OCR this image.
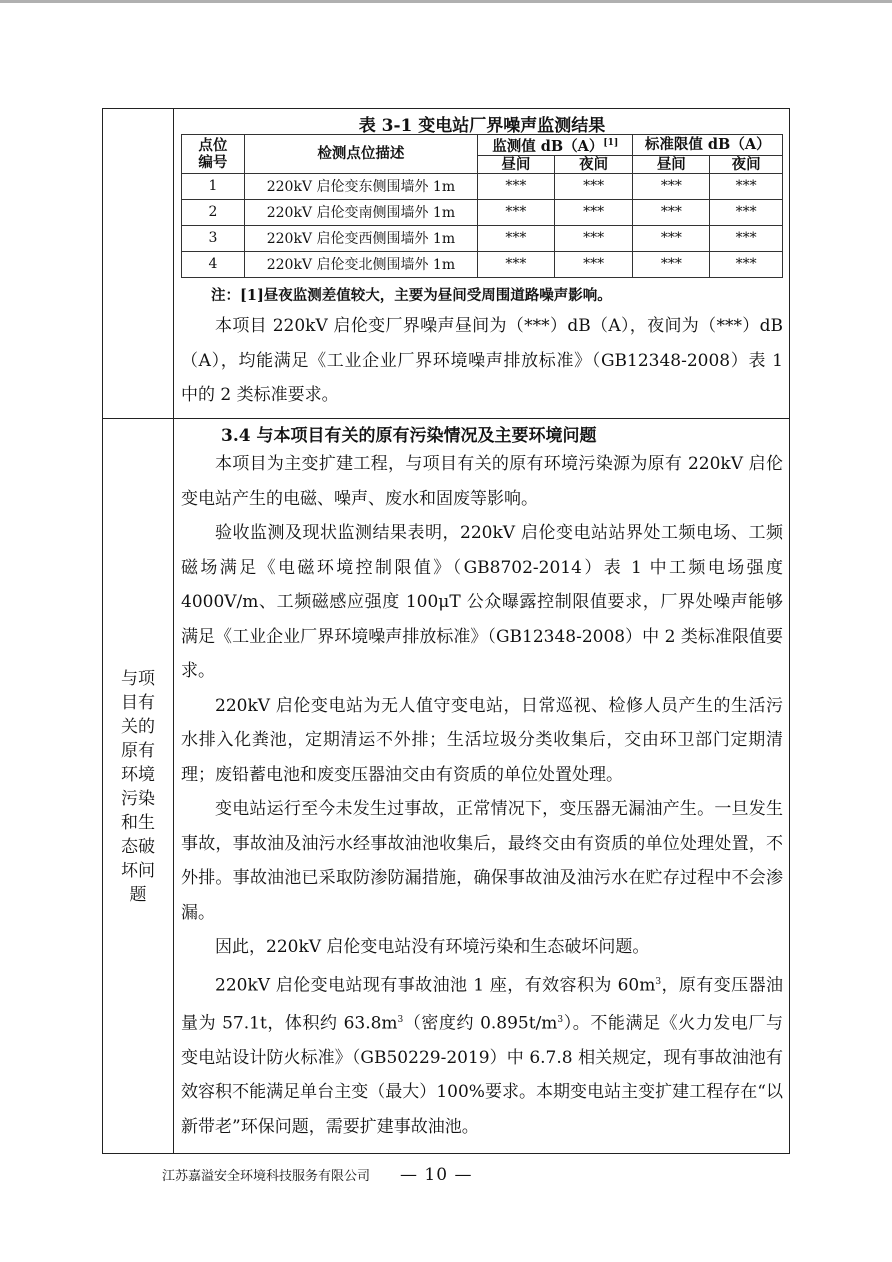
表 3-1 变电站厂界噪声监测结果
点位编号	检测点位描述	监测值 dB（A）[1]		标准限值 dB（A）	
		昼间	夜间	昼间	夜间
1	220kV 启伦变东侧围墙外 1m	***	***	***	***
2	220kV 启伦变南侧围墙外 1m	***	***	***	***
3	220kV 启伦变西侧围墙外 1m	***	***	***	***
4	220kV 启伦变北侧围墙外 1m	***	***	***	***
注：[1]昼夜监测差值较大，主要为昼间受周围道路噪声影响。
本项目 220kV 启伦变厂界噪声昼间为（***）dB（A），夜间为（***）dB（A），均能满足《工业企业厂界环境噪声排放标准》（GB12348-2008）表 1 中的 2 类标准要求。
与项目有关的原有环境污染和生态破坏问题
3.4 与本项目有关的原有污染情况及主要环境问题
本项目为主变扩建工程，与项目有关的原有环境污染源为原有 220kV 启伦变电站产生的电磁、噪声、废水和固废等影响。
验收监测及现状监测结果表明，220kV 启伦变电站站界处工频电场、工频磁场满足《电磁环境控制限值》（GB8702-2014）表 1 中工频电场强度 4000V/m、工频磁感应强度 100μT 公众曝露控制限值要求，厂界处噪声能够满足《工业企业厂界环境噪声排放标准》（GB12348-2008）中 2 类标准限值要求。
220kV 启伦变电站为无人值守变电站，日常巡视、检修人员产生的生活污水排入化粪池，定期清运不外排；生活垃圾分类收集后，交由环卫部门定期清理；废铅蓄电池和废变压器油交由有资质的单位处置处理。
变电站运行至今未发生过事故，正常情况下，变压器无漏油产生。一旦发生事故，事故油及油污水经事故油池收集后，最终交由有资质的单位处理处置，不外排。事故油池已采取防渗防漏措施，确保事故油及油污水在贮存过程中不会渗漏。
因此，220kV 启伦变电站没有环境污染和生态破坏问题。
220kV 启伦变电站现有事故油池 1 座，有效容积为 $60m^3$，原有变压器油量为 57.1t，体积约 $63.8m^3$（密度约 $0.895t/m^3$）。不能满足《火力发电厂与变电站设计防火标准》（GB50229-2019）中 6.7.8 相关规定，现有事故油池有效容积不能满足单台主变（最大）100%要求。本期变电站主变扩建工程存在“以新带老”环保问题，需要扩建事故油池。
江苏嘉溢安全环境科技服务有限公司 — 10 —
